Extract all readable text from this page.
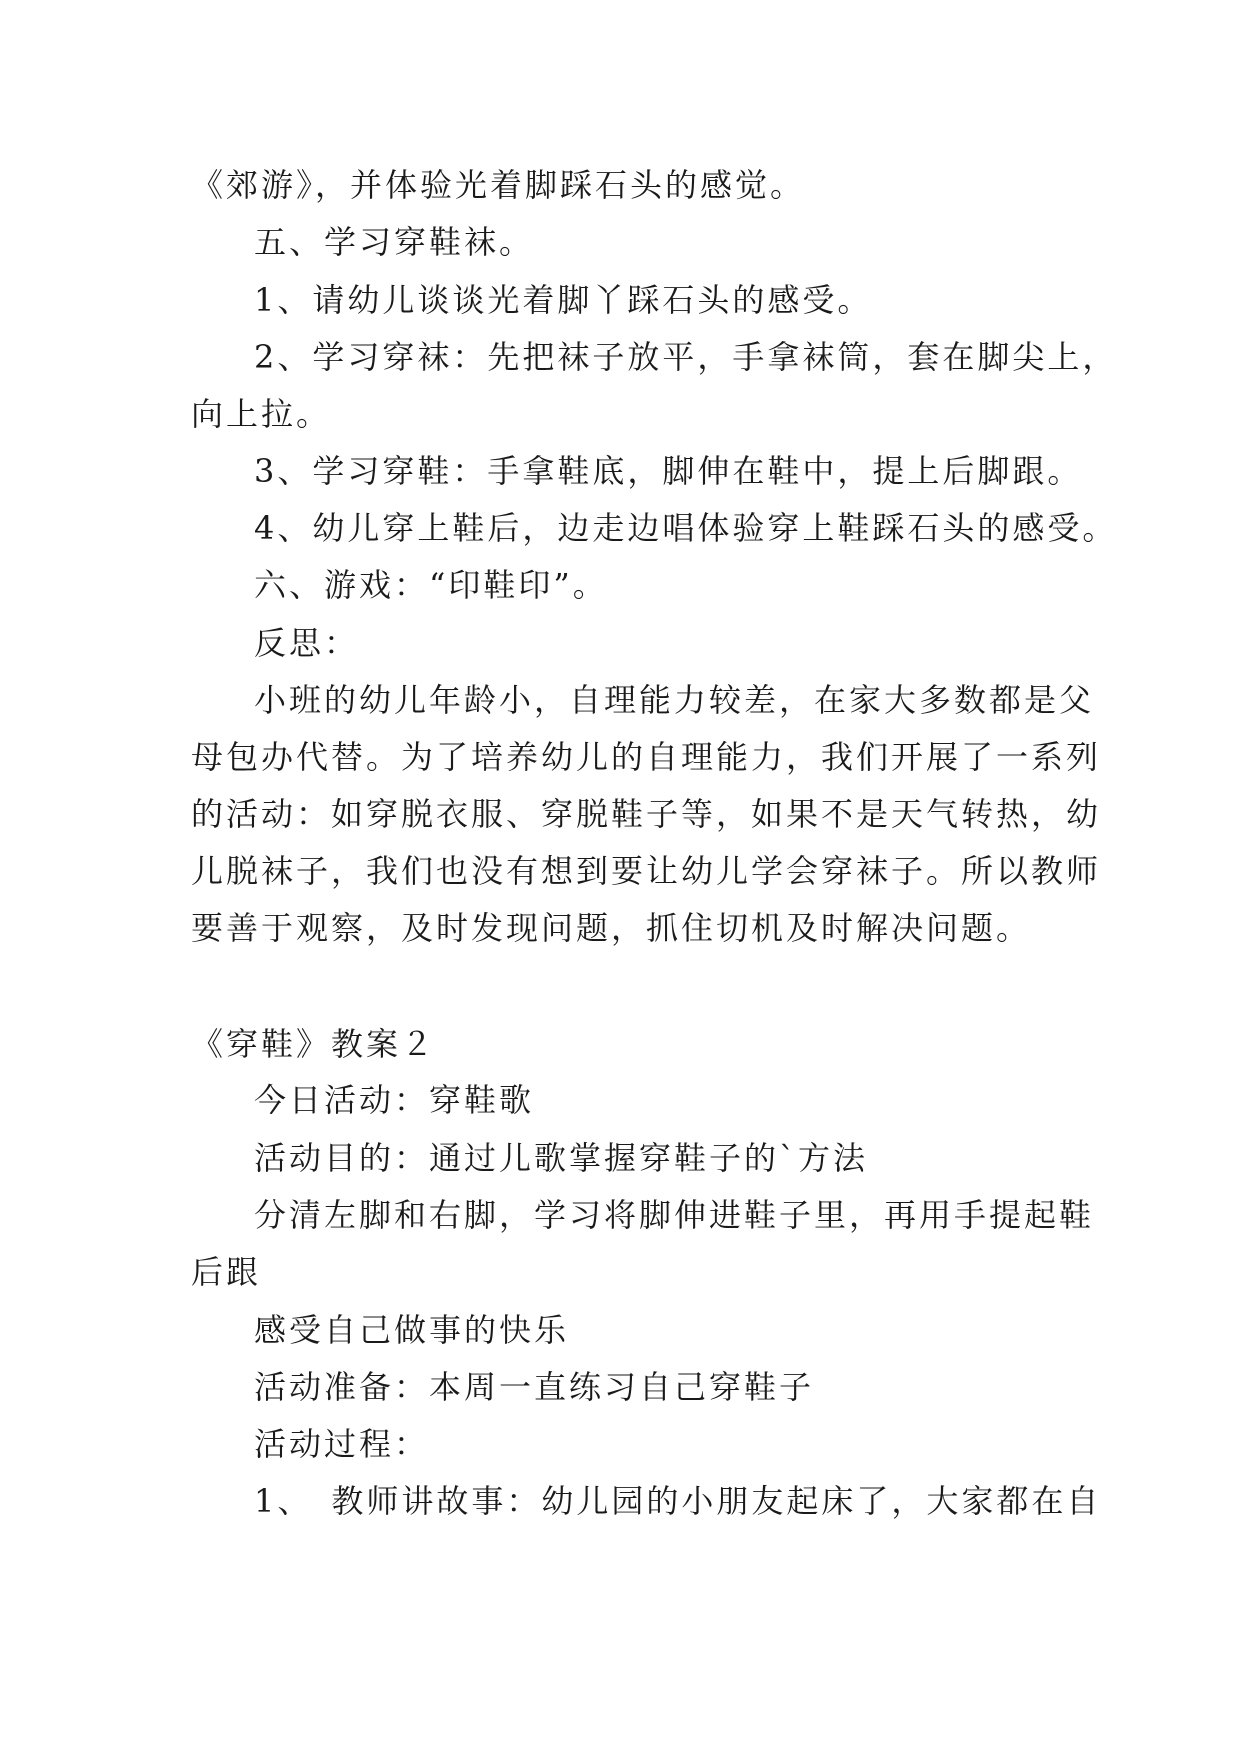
《郊游》，并体验光着脚踩石头的感觉。
五、学习穿鞋袜。
1、请幼儿谈谈光着脚丫踩石头的感受。
2、学习穿袜：先把袜子放平，手拿袜筒，套在脚尖上，
向上拉。
3、学习穿鞋：手拿鞋底，脚伸在鞋中，提上后脚跟。
4、幼儿穿上鞋后，边走边唱体验穿上鞋踩石头的感受。
六、游戏：“印鞋印”。
反思：
小班的幼儿年龄小，自理能力较差，在家大多数都是父
母包办代替。为了培养幼儿的自理能力，我们开展了一系列
的活动：如穿脱衣服、穿脱鞋子等，如果不是天气转热，幼
儿脱袜子，我们也没有想到要让幼儿学会穿袜子。所以教师
要善于观察，及时发现问题，抓住切机及时解决问题。
《穿鞋》教案２
今日活动：穿鞋歌
活动目的：通过儿歌掌握穿鞋子的`方法
分清左脚和右脚，学习将脚伸进鞋子里，再用手提起鞋
后跟
感受自己做事的快乐
活动准备：本周一直练习自己穿鞋子
活动过程：
1、　教师讲故事：幼儿园的小朋友起床了，大家都在自
